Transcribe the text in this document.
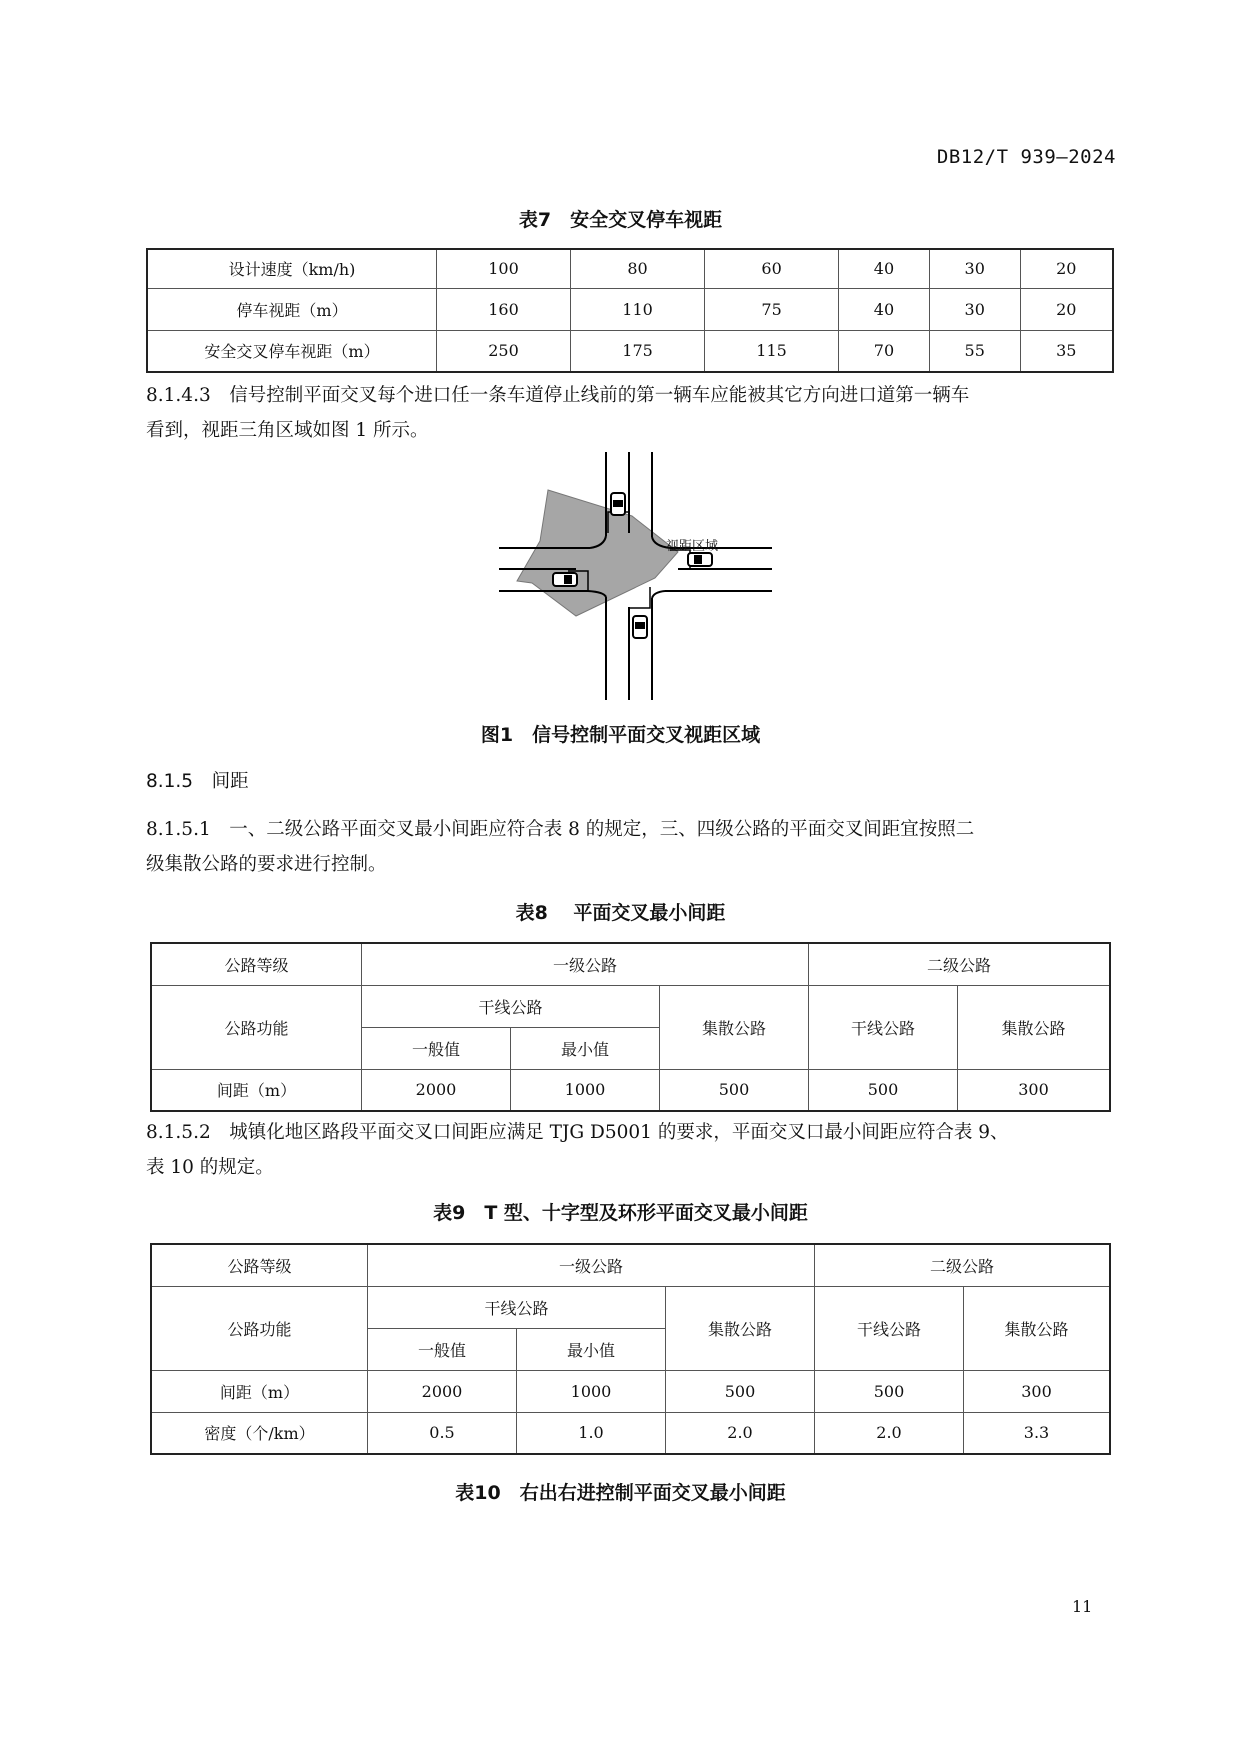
DB12/T 939—2024
表7　安全交叉停车视距
设计速度（km/h)	100	80	60	40	30	20
停车视距（m）	160	110	75	40	30	20
安全交叉停车视距（m）	250	175	115	70	55	35
8.1.4.3　信号控制平面交叉每个进口任一条车道停止线前的第一辆车应能被其它方向进口道第一辆车
看到，视距三角区域如图 1 所示。
视距区域
图1　信号控制平面交叉视距区域
8.1.5　间距
8.1.5.1　一、二级公路平面交叉最小间距应符合表 8 的规定，三、四级公路的平面交叉间距宜按照二
级集散公路的要求进行控制。
表8　 平面交叉最小间距
公路等级	一级公路			二级公路	
公路功能	干线公路		集散公路	干线公路	集散公路
	一般值	最小值			
间距（m）	2000	1000	500	500	300
8.1.5.2　城镇化地区路段平面交叉口间距应满足 TJG D5001 的要求，平面交叉口最小间距应符合表 9、
表 10 的规定。
表9　T 型、十字型及环形平面交叉最小间距
公路等级	一级公路			二级公路	
公路功能	干线公路		集散公路	干线公路	集散公路
	一般值	最小值			
间距（m）	2000	1000	500	500	300
密度（个/km）	0.5	1.0	2.0	2.0	3.3
表10　右出右进控制平面交叉最小间距
11
